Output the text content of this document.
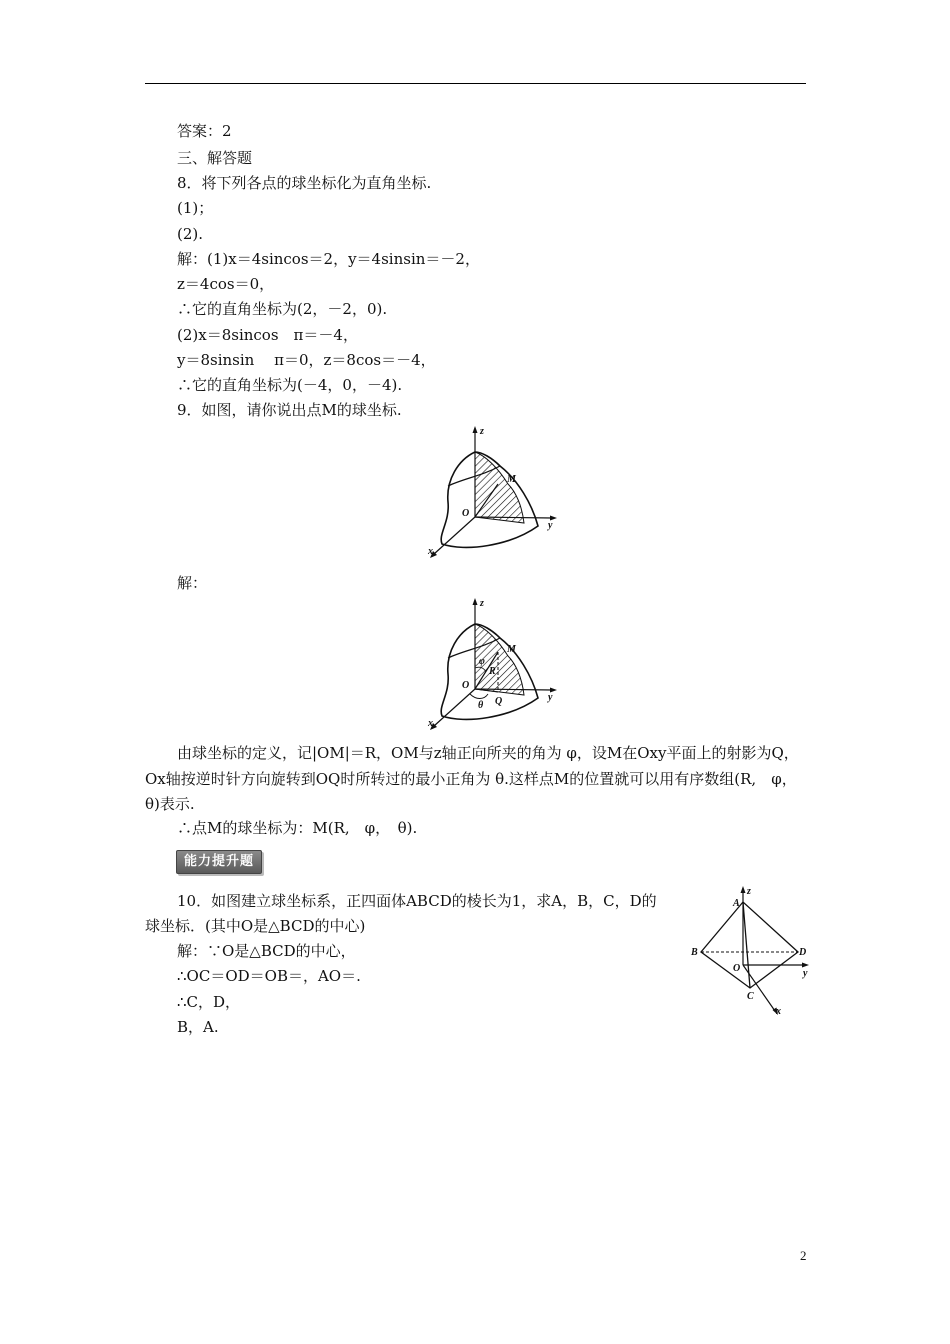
答案：2
三、解答题
8．将下列各点的球坐标化为直角坐标.
(1)；
(2).
解：(1)x＝4sincos＝2，y＝4sinsin＝－2，
z＝4cos＝0，
∴它的直角坐标为(2，－2，0).
(2)x＝8sincos　π＝－4，
y＝8sinsin　 π＝0，z＝8cos＝－4，
∴它的直角坐标为(－4，0，－4).
9．如图，请你说出点M的球坐标.
z
y
x
O
M
解：
z
y
x
O
M
R
Q
φ
θ
由球坐标的定义，记|OM|＝R，OM与z轴正向所夹的角为 φ，设M在Oxy平面上的射影为Q，Ox轴按逆时针方向旋转到OQ时所转过的最小正角为 θ.这样点M的位置就可以用有序数组(R,　φ，　θ)表示.
∴点M的球坐标为：M(R,　φ，　θ).
能力提升题
10．如图建立球坐标系，正四面体ABCD的棱长为1，求A，B，C，D的
球坐标．(其中O是△BCD的中心)
解：∵O是△BCD的中心，
∴OC＝OD＝OB＝，AO＝.
∴C，D，
B，A.
z
y
x
A
B
C
D
O
2
